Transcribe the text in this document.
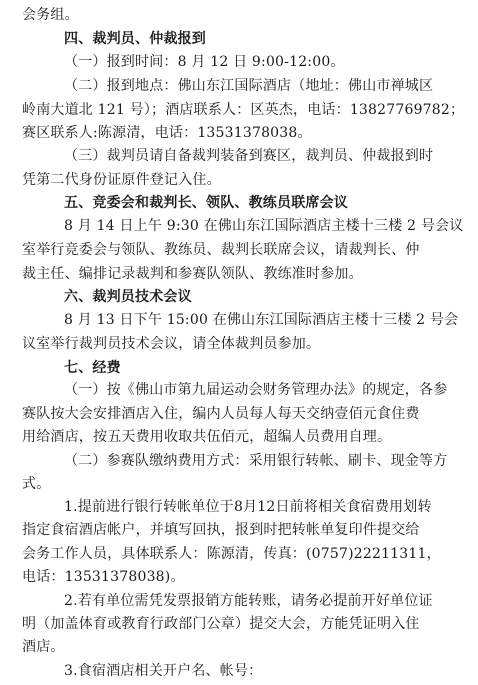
会务组。
四、裁判员、仲裁报到
（一）报到时间：8 月 12 日 9:00-12:00。
（二）报到地点：佛山东江国际酒店（地址：佛山市禅城区
岭南大道北 121 号）；酒店联系人：区英杰，电话：13827769782；
赛区联系人:陈源清，电话：13531378038。
（三）裁判员请自备裁判装备到赛区，裁判员、仲裁报到时
凭第二代身份证原件登记入住。
五、竞委会和裁判长、领队、教练员联席会议
8 月 14 日上午 9:30 在佛山东江国际酒店主楼十三楼 2 号会议
室举行竞委会与领队、教练员、裁判长联席会议，请裁判长、仲
裁主任、编排记录裁判和参赛队领队、教练准时参加。
六、裁判员技术会议
8 月 13 日下午 15:00 在佛山东江国际酒店主楼十三楼 2 号会
议室举行裁判员技术会议，请全体裁判员参加。
七、经费
（一）按《佛山市第九届运动会财务管理办法》的规定，各参
赛队按大会安排酒店入住，编内人员每人每天交纳壹佰元食住费
用给酒店，按五天费用收取共伍佰元，超编人员费用自理。
（二）参赛队缴纳费用方式：采用银行转帐、刷卡、现金等方
式。
1.提前进行银行转帐单位于8月12日前将相关食宿费用划转
指定食宿酒店帐户，并填写回执，报到时把转帐单复印件提交给
会务工作人员，具体联系人：陈源清，传真：(0757)22211311，
电话：13531378038)。
2.若有单位需凭发票报销方能转账，请务必提前开好单位证
明（加盖体育或教育行政部门公章）提交大会，方能凭证明入住
酒店。
3.食宿酒店相关开户名、帐号：
